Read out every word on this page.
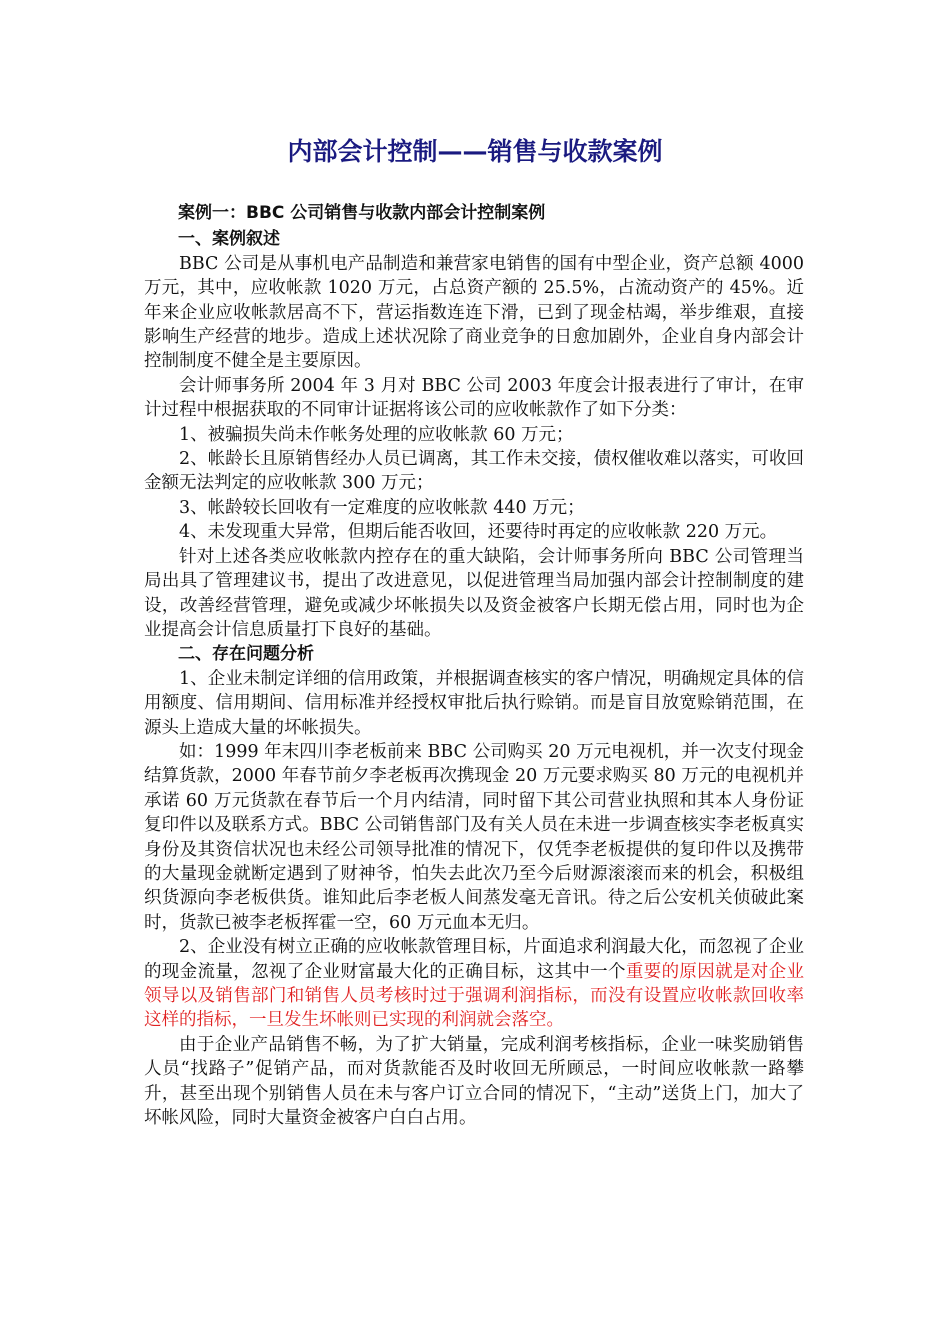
内部会计控制——销售与收款案例

案例一：BBC 公司销售与收款内部会计控制案例

一、案例叙述

BBC 公司是从事机电产品制造和兼营家电销售的国有中型企业，资产总额 4000 万元，其中，应收帐款 1020 万元，占总资产额的 25.5%，占流动资产的 45%。近年来企业应收帐款居高不下，营运指数连连下滑，已到了现金枯竭，举步维艰，直接影响生产经营的地步。造成上述状况除了商业竞争的日愈加剧外，企业自身内部会计控制制度不健全是主要原因。

会计师事务所 2004 年 3 月对 BBC 公司 2003 年度会计报表进行了审计，在审计过程中根据获取的不同审计证据将该公司的应收帐款作了如下分类：

1、被骗损失尚未作帐务处理的应收帐款 60 万元；

2、帐龄长且原销售经办人员已调离，其工作未交接，债权催收难以落实，可收回金额无法判定的应收帐款 300 万元；

3、帐龄较长回收有一定难度的应收帐款 440 万元；

4、未发现重大异常，但期后能否收回，还要待时再定的应收帐款 220 万元。

针对上述各类应收帐款内控存在的重大缺陷，会计师事务所向 BBC 公司管理当局出具了管理建议书，提出了改进意见，以促进管理当局加强内部会计控制制度的建设，改善经营管理，避免或减少坏帐损失以及资金被客户长期无偿占用，同时也为企业提高会计信息质量打下良好的基础。

二、存在问题分析

1、企业未制定详细的信用政策，并根据调查核实的客户情况，明确规定具体的信用额度、信用期间、信用标准并经授权审批后执行赊销。而是盲目放宽赊销范围，在源头上造成大量的坏帐损失。

如：1999 年末四川李老板前来 BBC 公司购买 20 万元电视机，并一次支付现金结算货款，2000 年春节前夕李老板再次携现金 20 万元要求购买 80 万元的电视机并承诺 60 万元货款在春节后一个月内结清，同时留下其公司营业执照和其本人身份证复印件以及联系方式。BBC 公司销售部门及有关人员在未进一步调查核实李老板真实身份及其资信状况也未经公司领导批准的情况下，仅凭李老板提供的复印件以及携带的大量现金就断定遇到了财神爷，怕失去此次乃至今后财源滚滚而来的机会，积极组织货源向李老板供货。谁知此后李老板人间蒸发毫无音讯。待之后公安机关侦破此案时，货款已被李老板挥霍一空，60 万元血本无归。

2、企业没有树立正确的应收帐款管理目标，片面追求利润最大化，而忽视了企业的现金流量，忽视了企业财富最大化的正确目标，这其中一个重要的原因就是对企业领导以及销售部门和销售人员考核时过于强调利润指标，而没有设置应收帐款回收率这样的指标，一旦发生坏帐则已实现的利润就会落空。

由于企业产品销售不畅，为了扩大销量，完成利润考核指标，企业一味奖励销售人员“找路子”促销产品，而对货款能否及时收回无所顾忌，一时间应收帐款一路攀升，甚至出现个别销售人员在未与客户订立合同的情况下，“主动”送货上门，加大了坏帐风险，同时大量资金被客户白白占用。
